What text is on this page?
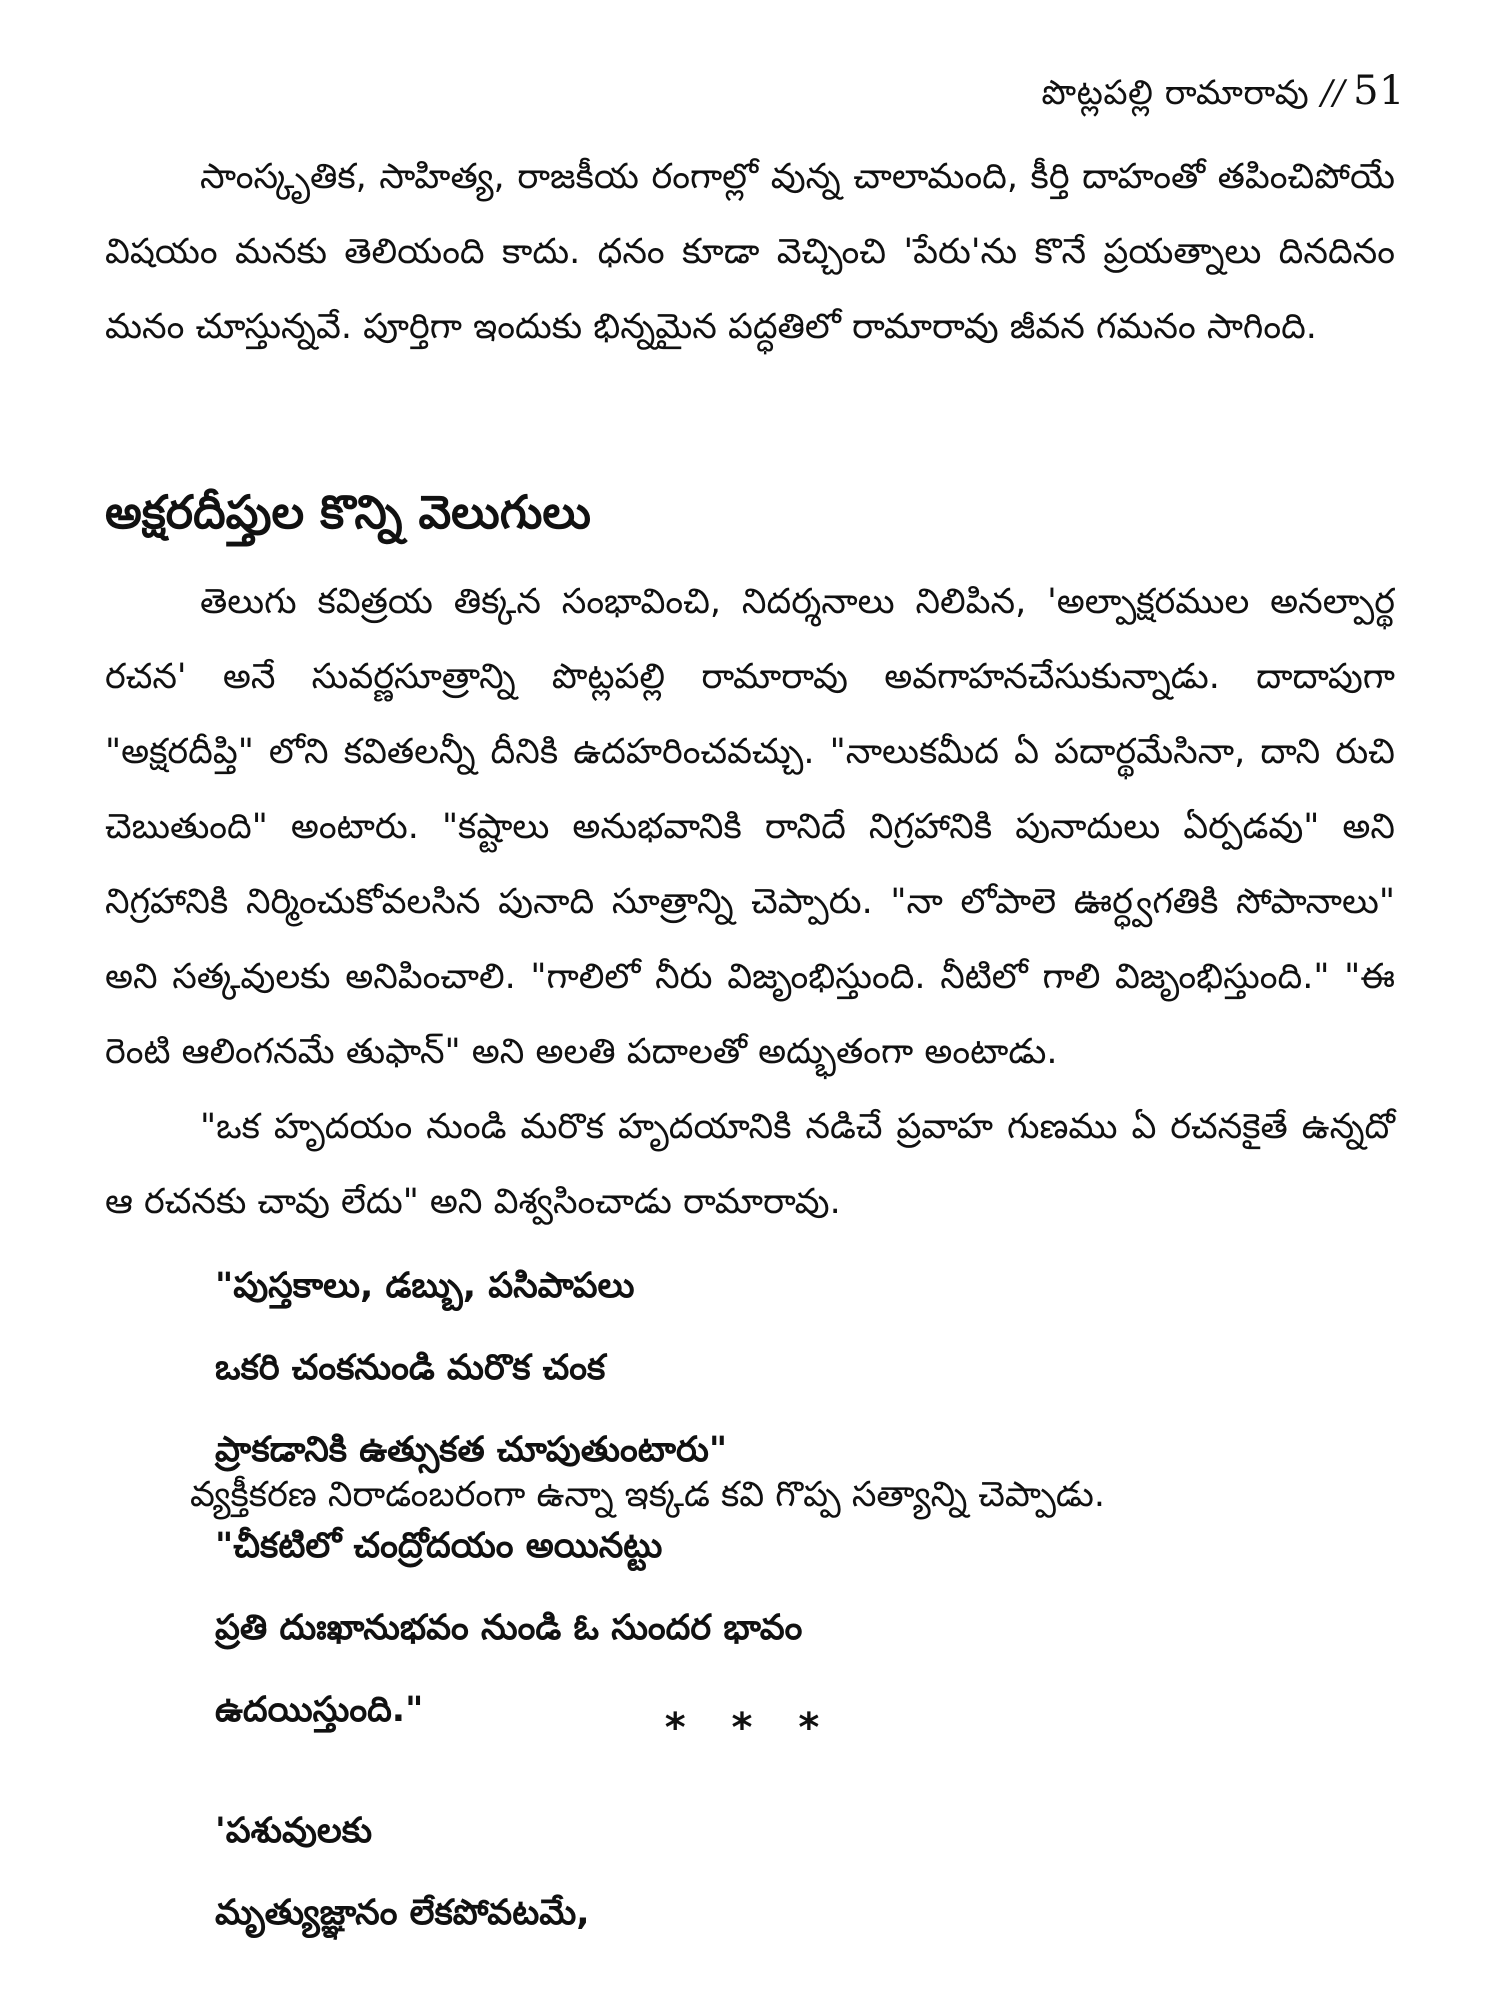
పొట్లపల్లి రామారావు // 51

సాంస్కృతిక, సాహిత్య, రాజకీయ రంగాల్లో వున్న చాలామంది, కీర్తి దాహంతో తపించిపోయే విషయం మనకు తెలియంది కాదు. ధనం కూడా వెచ్చించి 'పేరు'ను కొనే ప్రయత్నాలు దినదినం మనం చూస్తున్నవే. పూర్తిగా ఇందుకు భిన్నమైన పద్ధతిలో రామారావు జీవన గమనం సాగింది.

అక్షరదీప్తుల కొన్ని వెలుగులు

తెలుగు కవిత్రయ తిక్కన సంభావించి, నిదర్శనాలు నిలిపిన, 'అల్పాక్షరముల అనల్పార్థ రచన' అనే సువర్ణసూత్రాన్ని పొట్లపల్లి రామారావు అవగాహనచేసుకున్నాడు. దాదాపుగా "అక్షరదీప్తి" లోని కవితలన్నీ దీనికి ఉదహరించవచ్చు. "నాలుకమీద ఏ పదార్థమేసినా, దాని రుచి చెబుతుంది" అంటారు. "కష్టాలు అనుభవానికి రానిదే నిగ్రహానికి పునాదులు ఏర్పడవు" అని నిగ్రహానికి నిర్మించుకోవలసిన పునాది సూత్రాన్ని చెప్పారు. "నా లోపాలె ఊర్ధ్వగతికి సోపానాలు" అని సత్కవులకు అనిపించాలి. "గాలిలో నీరు విజృంభిస్తుంది. నీటిలో గాలి విజృంభిస్తుంది." "ఈ రెంటి ఆలింగనమే తుఫాన్" అని అలతి పదాలతో అద్భుతంగా అంటాడు.

"ఒక హృదయం నుండి మరొక హృదయానికి నడిచే ప్రవాహ గుణము ఏ రచనకైతే ఉన్నదో ఆ రచనకు చావు లేదు" అని విశ్వసించాడు రామారావు.

"పుస్తకాలు, డబ్బు, పసిపాపలు
ఒకరి చంకనుండి మరొక చంక
ప్రాకడానికి ఉత్సుకత చూపుతుంటారు"

వ్యక్తీకరణ నిరాడంబరంగా ఉన్నా ఇక్కడ కవి గొప్ప సత్యాన్ని చెప్పాడు.

"చీకటిలో చంద్రోదయం అయినట్టు
ప్రతి దుఃఖానుభవం నుండి ఓ సుందర భావం
ఉదయిస్తుంది."	* * *
'పశువులకు
మృత్యుజ్ఞానం లేకపోవటమే,
